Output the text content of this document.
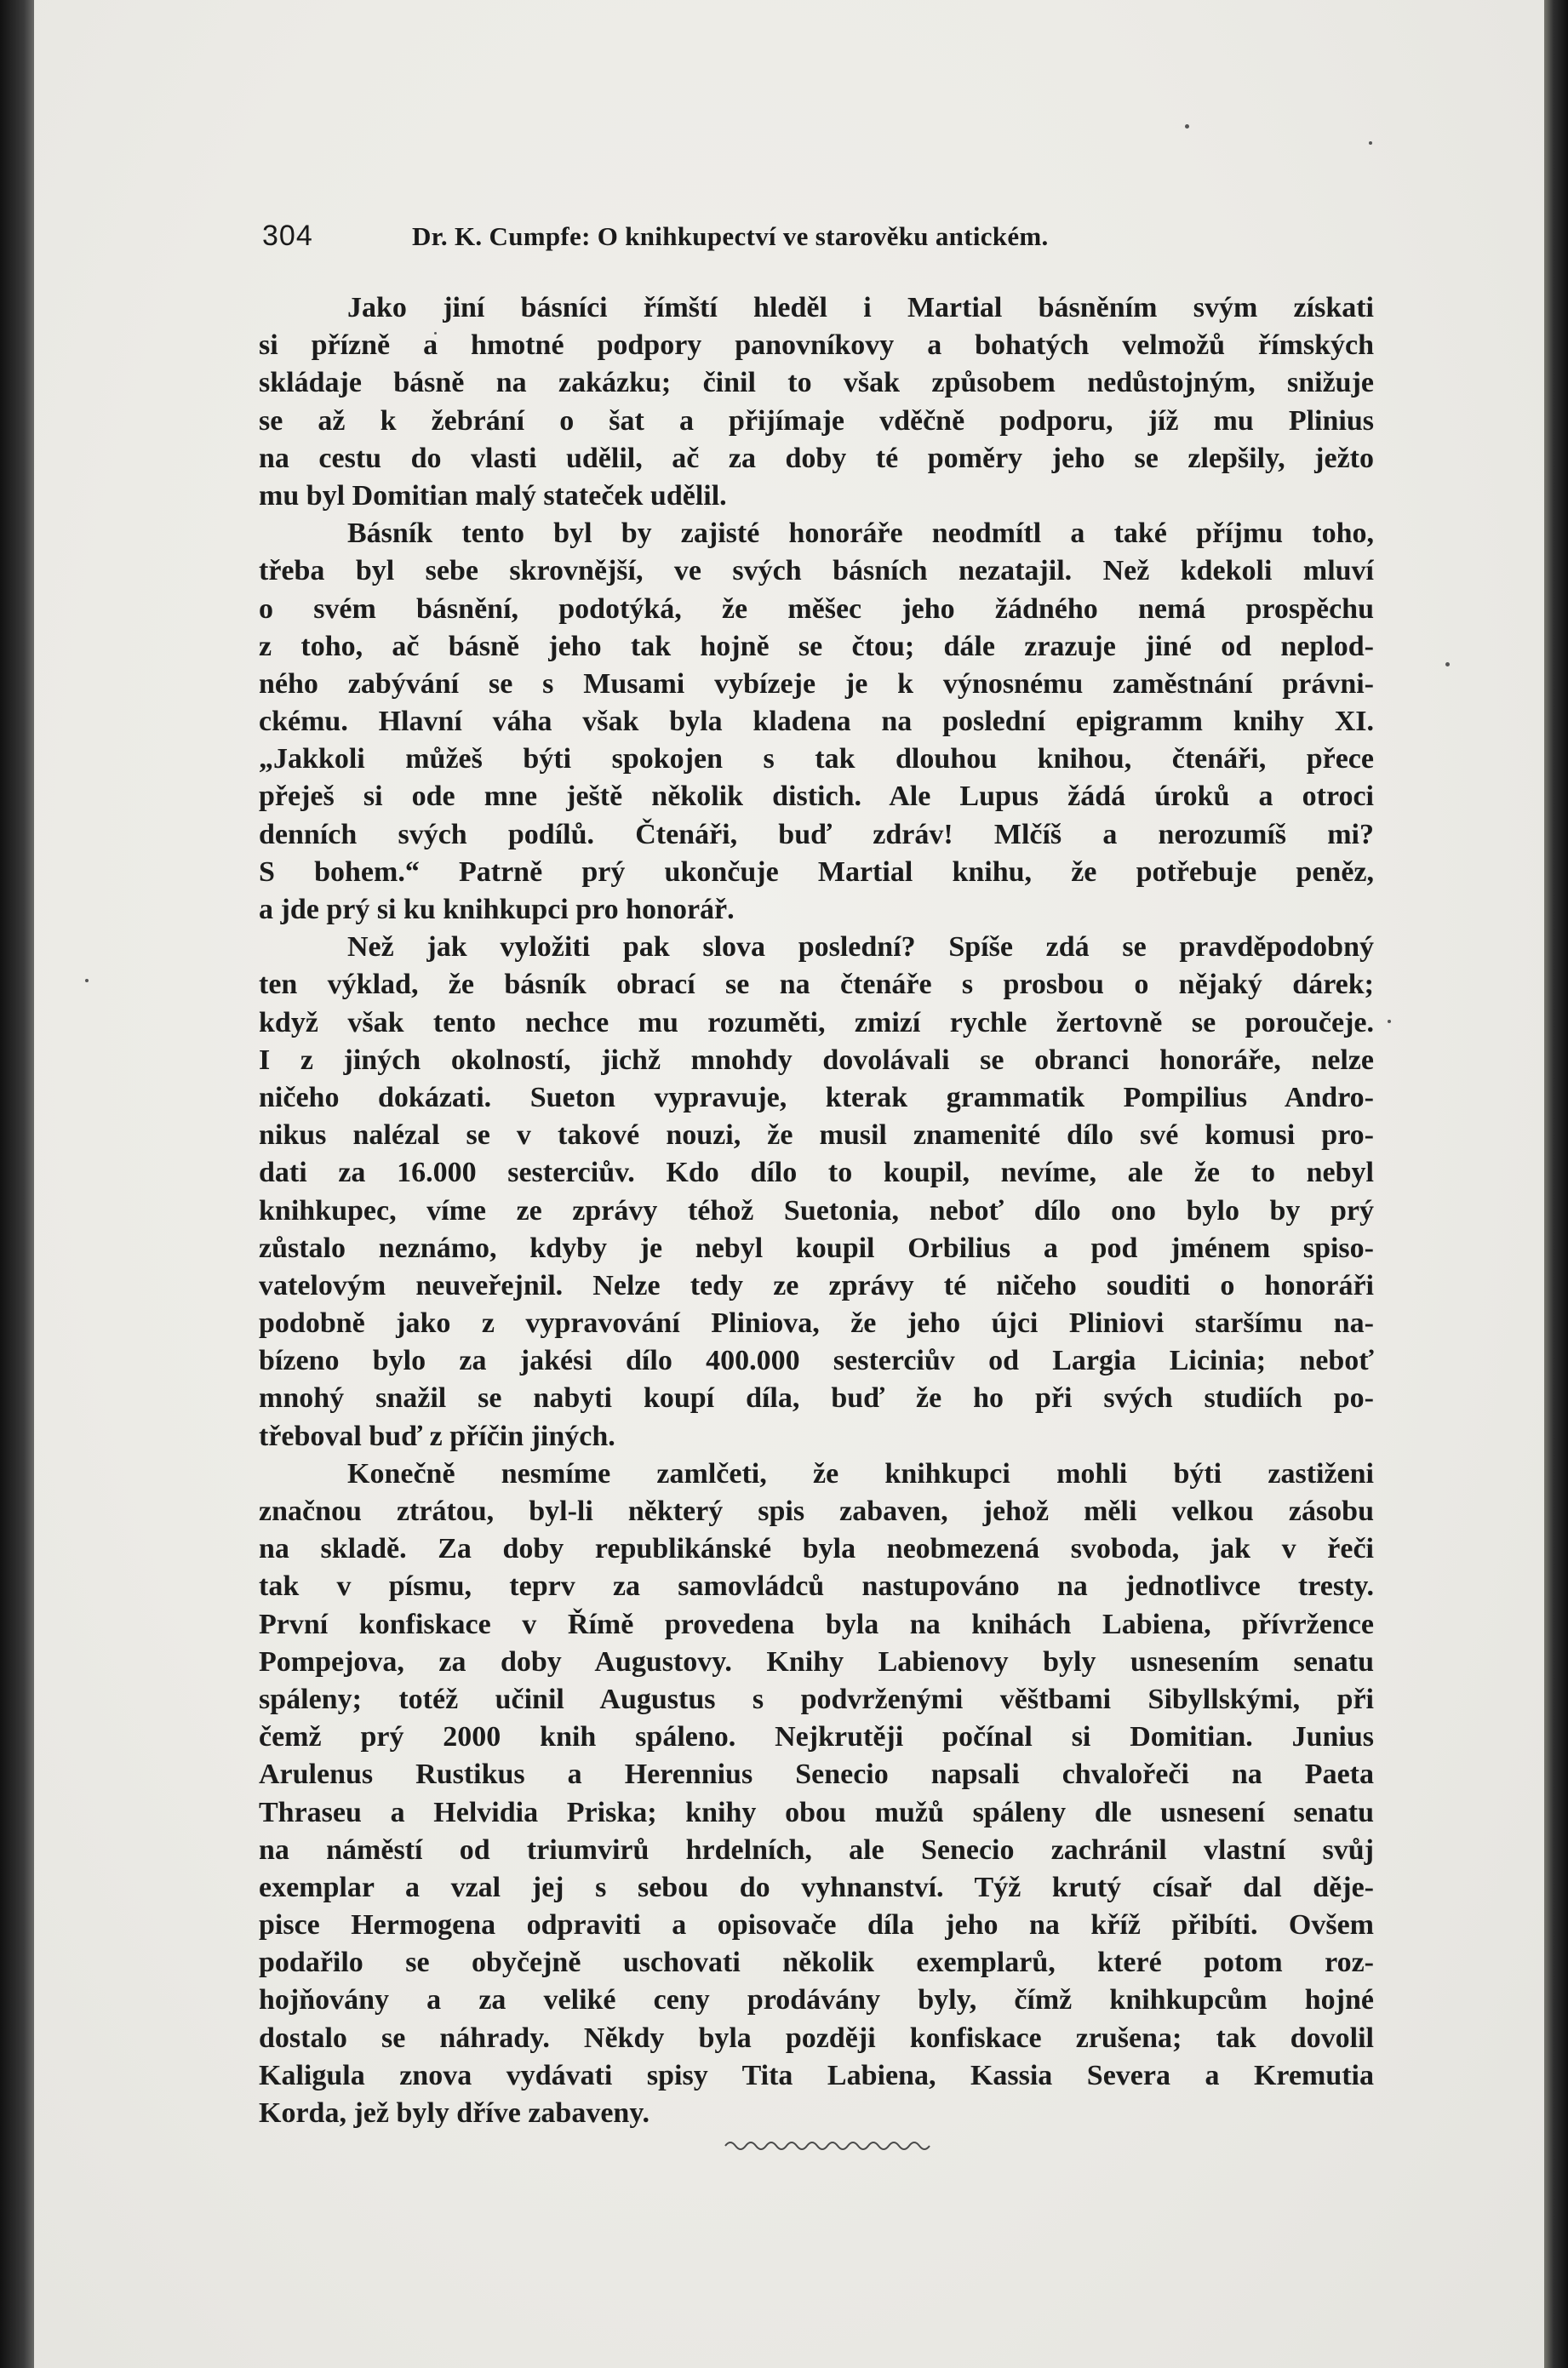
304	Dr. K. Cumpfe: O knihkupectví ve starověku antickém.

Jako jiní básníci římští hleděl i Martial básněním svým získati
si přízně a hmotné podpory panovníkovy a bohatých velmožů římských
skládaje básně na zakázku; činil to však způsobem nedůstojným, snižuje
se až k žebrání o šat a přijímaje vděčně podporu, jíž mu Plinius
na cestu do vlasti udělil, ač za doby té poměry jeho se zlepšily, ježto
mu byl Domitian malý stateček udělil.

Básník tento byl by zajisté honoráře neodmítl a také příjmu toho,
třeba byl sebe skrovnější, ve svých básních nezatajil. Než kdekoli mluví
o svém básnění, podotýká, že měšec jeho žádného nemá prospěchu
z toho, ač básně jeho tak hojně se čtou; dále zrazuje jiné od neplod-
ného zabývání se s Musami vybízeje je k výnosnému zaměstnání právni-
ckému. Hlavní váha však byla kladena na poslední epigramm knihy XI.
„Jakkoli můžeš býti spokojen s tak dlouhou knihou, čtenáři, přece
přeješ si ode mne ještě několik distich. Ale Lupus žádá úroků a otroci
denních svých podílů. Čtenáři, buď zdráv! Mlčíš a nerozumíš mi?
S bohem.“ Patrně prý ukončuje Martial knihu, že potřebuje peněz,
a jde prý si ku knihkupci pro honorář.

Než jak vyložiti pak slova poslední? Spíše zdá se pravděpodobný
ten výklad, že básník obrací se na čtenáře s prosbou o nějaký dárek;
když však tento nechce mu rozuměti, zmizí rychle žertovně se poroučeje.
I z jiných okolností, jichž mnohdy dovolávali se obranci honoráře, nelze
ničeho dokázati. Sueton vypravuje, kterak grammatik Pompilius Andro-
nikus nalézal se v takové nouzi, že musil znamenité dílo své komusi pro-
dati za 16.000 sesterciův. Kdo dílo to koupil, nevíme, ale že to nebyl
knihkupec, víme ze zprávy téhož Suetonia, neboť dílo ono bylo by prý
zůstalo neznámo, kdyby je nebyl koupil Orbilius a pod jménem spiso-
vatelovým neuveřejnil. Nelze tedy ze zprávy té ničeho souditi o honoráři
podobně jako z vypravování Pliniova, že jeho újci Pliniovi staršímu na-
bízeno bylo za jakési dílo 400.000 sesterciův od Largia Licinia; neboť
mnohý snažil se nabyti koupí díla, buď že ho při svých studiích po-
třeboval buď z příčin jiných.

Konečně nesmíme zamlčeti, že knihkupci mohli býti zastiženi
značnou ztrátou, byl-li některý spis zabaven, jehož měli velkou zásobu
na skladě. Za doby republikánské byla neobmezená svoboda, jak v řeči
tak v písmu, teprv za samovládců nastupováno na jednotlivce tresty.
První konfiskace v Římě provedena byla na knihách Labiena, přívržence
Pompejova, za doby Augustovy. Knihy Labienovy byly usnesením senatu
spáleny; totéž učinil Augustus s podvrženými věštbami Sibyllskými, při
čemž prý 2000 knih spáleno. Nejkrutěji počínal si Domitian. Junius
Arulenus Rustikus a Herennius Senecio napsali chvalořeči na Paeta
Thraseu a Helvidia Priska; knihy obou mužů spáleny dle usnesení senatu
na náměstí od triumvirů hrdelních, ale Senecio zachránil vlastní svůj
exemplar a vzal jej s sebou do vyhnanství. Týž krutý císař dal děje-
pisce Hermogena odpraviti a opisovače díla jeho na kříž přibíti. Ovšem
podařilo se obyčejně uschovati několik exemplarů, které potom roz-
hojňovány a za veliké ceny prodávány byly, čímž knihkupcům hojné
dostalo se náhrady. Někdy byla později konfiskace zrušena; tak dovolil
Kaligula znova vydávati spisy Tita Labiena, Kassia Severa a Kremutia
Korda, jež byly dříve zabaveny.
